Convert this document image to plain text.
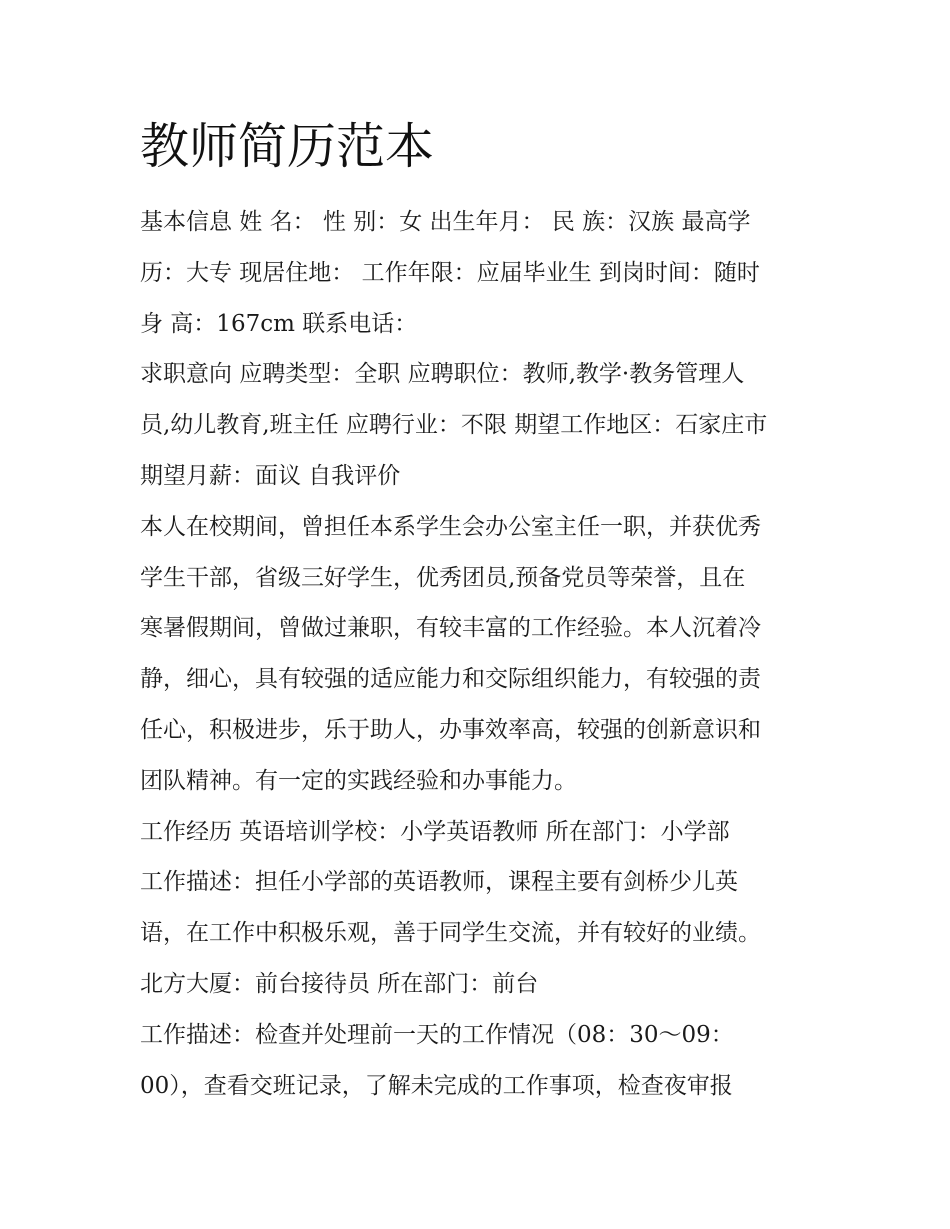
教师简历范本
基本信息 姓 名： 性 别：女 出生年月： 民 族：汉族 最高学
历：大专 现居住地： 工作年限：应届毕业生 到岗时间：随时
身 高：167cm 联系电话：
求职意向 应聘类型：全职 应聘职位：教师,教学·教务管理人
员,幼儿教育,班主任 应聘行业：不限 期望工作地区：石家庄市
期望月薪：面议 自我评价
本人在校期间，曾担任本系学生会办公室主任一职，并获优秀
学生干部，省级三好学生，优秀团员,预备党员等荣誉，且在
寒暑假期间，曾做过兼职，有较丰富的工作经验。本人沉着冷
静，细心，具有较强的适应能力和交际组织能力，有较强的责
任心，积极进步，乐于助人，办事效率高，较强的创新意识和
团队精神。有一定的实践经验和办事能力。
工作经历 英语培训学校：小学英语教师 所在部门：小学部
工作描述：担任小学部的英语教师，课程主要有剑桥少儿英
语，在工作中积极乐观，善于同学生交流，并有较好的业绩。
北方大厦：前台接待员 所在部门：前台
工作描述：检查并处理前一天的工作情况（08：30～09：
00），查看交班记录，了解未完成的工作事项，检查夜审报
